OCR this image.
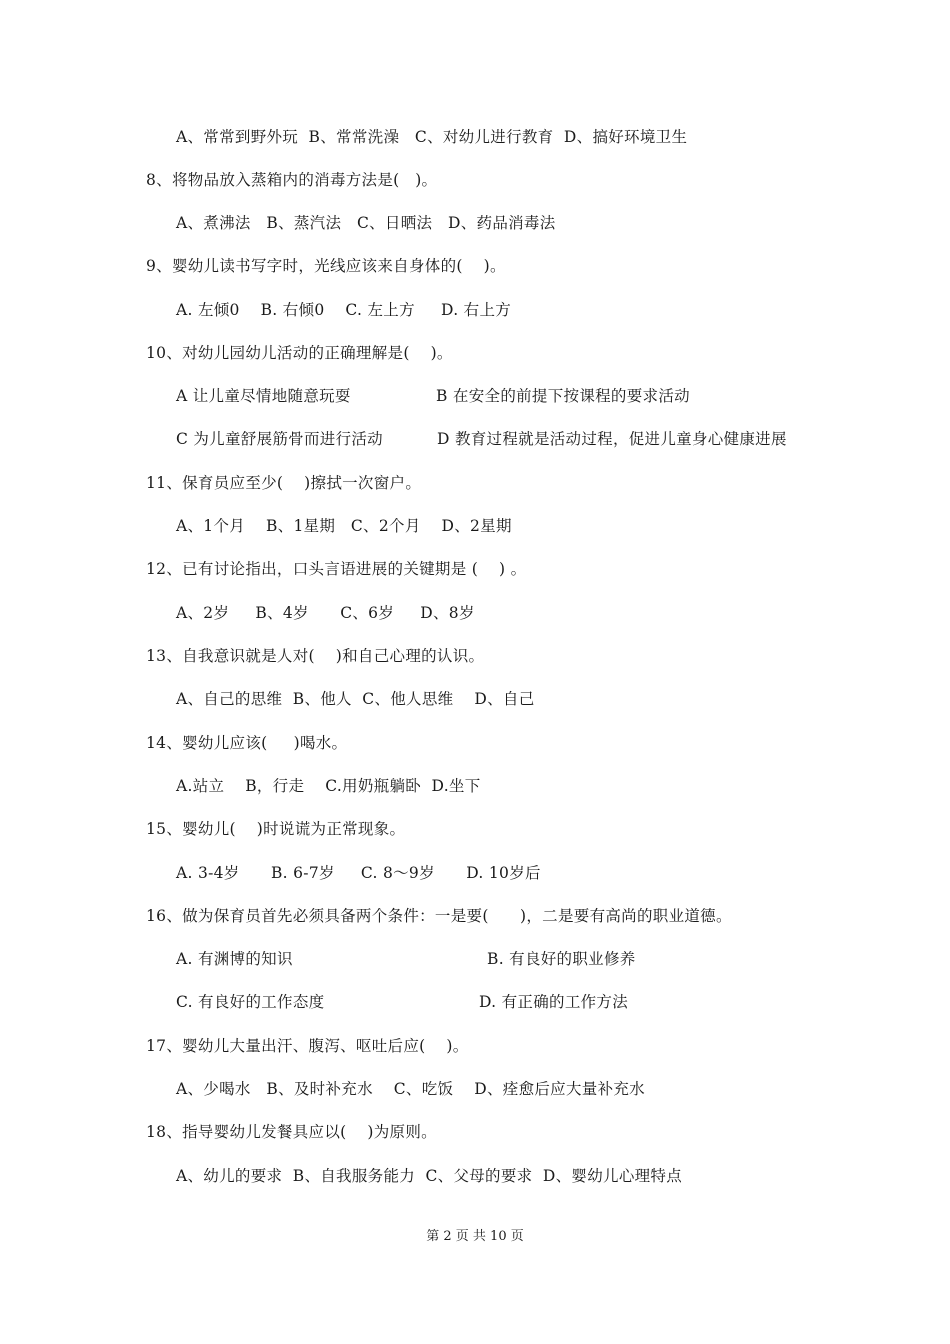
A、常常到野外玩  B、常常洗澡   C、对幼儿进行教育  D、搞好环境卫生
8、将物品放入蒸箱内的消毒方法是(   )。
A、煮沸法   B、蒸汽法   C、日晒法   D、药品消毒法
9、婴幼儿读书写字时，光线应该来自身体的(    )。
A. 左倾0    B. 右倾0    C. 左上方     D. 右上方
10、对幼儿园幼儿活动的正确理解是(    )。
A 让儿童尽情地随意玩耍	B 在安全的前提下按课程的要求活动
C 为儿童舒展筋骨而进行活动	D 教育过程就是活动过程，促进儿童身心健康进展
11、保育员应至少(    )擦拭一次窗户。
A、1个月    B、1星期   C、2个月    D、2星期
12、已有讨论指出，口头言语进展的关键期是 (    ) 。
A、2岁     B、4岁      C、6岁     D、8岁
13、自我意识就是人对(    )和自己心理的认识。
A、自己的思维  B、他人  C、他人思维    D、自己
14、婴幼儿应该(     )喝水。
A.站立    B，行走    C.用奶瓶躺卧  D.坐下
15、婴幼儿(    )时说谎为正常现象。
A. 3-4岁      B. 6-7岁     C. 8～9岁      D. 10岁后
16、做为保育员首先必须具备两个条件：一是要(      )，二是要有高尚的职业道德。
A. 有渊博的知识	B. 有良好的职业修养
C. 有良好的工作态度	D. 有正确的工作方法
17、婴幼儿大量出汗、腹泻、呕吐后应(    )。
A、少喝水   B、及时补充水    C、吃饭    D、痊愈后应大量补充水
18、指导婴幼儿发餐具应以(    )为原则。
A、幼儿的要求  B、自我服务能力  C、父母的要求  D、婴幼儿心理特点
第 2 页 共 10 页
